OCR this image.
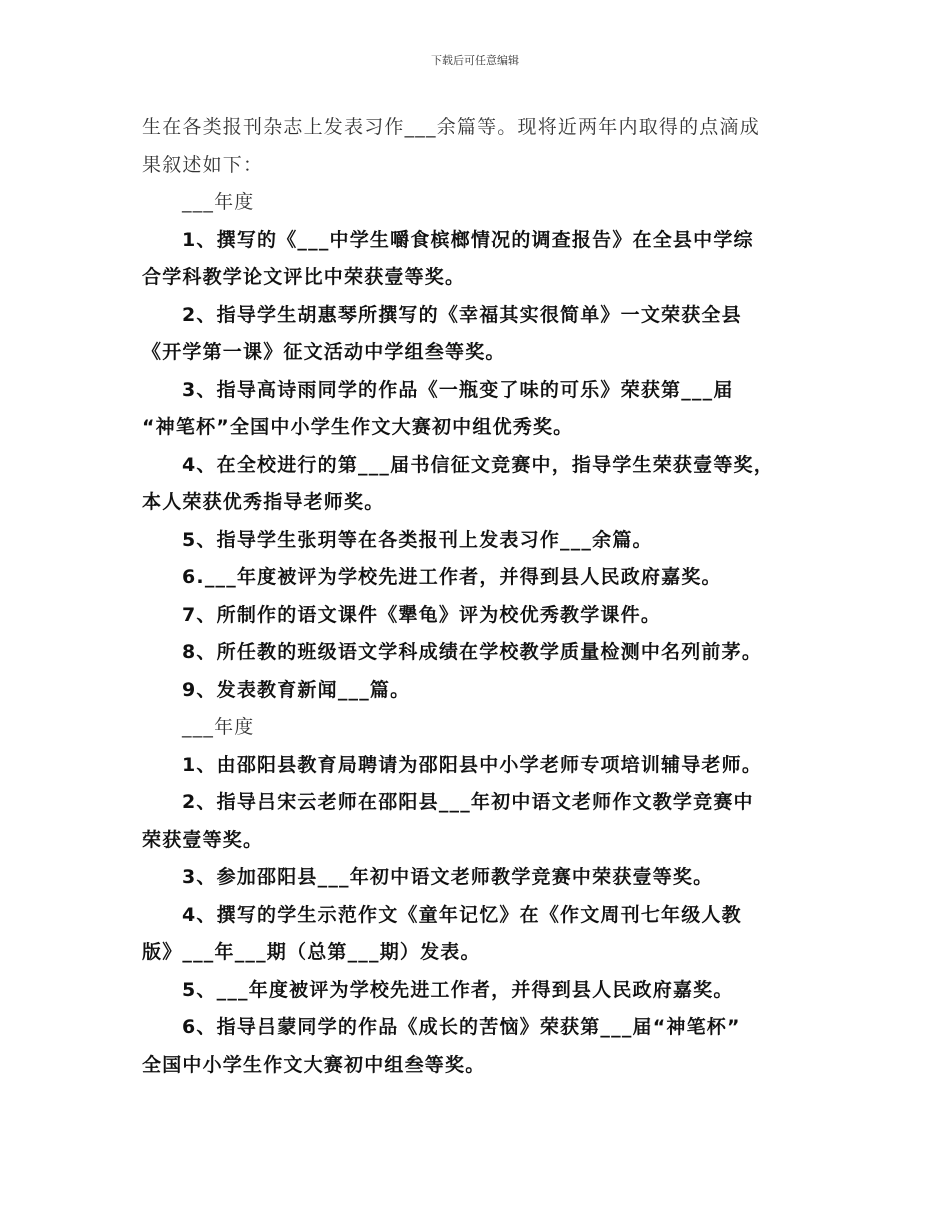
下载后可任意编辑
生在各类报刊杂志上发表习作___余篇等。现将近两年内取得的点滴成
果叙述如下：
___年度
1、撰写的《___中学生嚼食槟榔情况的调查报告》在全县中学综
合学科教学论文评比中荣获壹等奖。
2、指导学生胡惠琴所撰写的《幸福其实很简单》一文荣获全县
《开学第一课》征文活动中学组叁等奖。
3、指导高诗雨同学的作品《一瓶变了味的可乐》荣获第___届
“神笔杯”全国中小学生作文大赛初中组优秀奖。
4、在全校进行的第___届书信征文竞赛中，指导学生荣获壹等奖，
本人荣获优秀指导老师奖。
5、指导学生张玥等在各类报刊上发表习作___余篇。
6.___年度被评为学校先进工作者，并得到县人民政府嘉奖。
7、所制作的语文课件《犟龟》评为校优秀教学课件。
8、所任教的班级语文学科成绩在学校教学质量检测中名列前茅。
9、发表教育新闻___篇。
___年度
1、由邵阳县教育局聘请为邵阳县中小学老师专项培训辅导老师。
2、指导吕宋云老师在邵阳县___年初中语文老师作文教学竞赛中
荣获壹等奖。
3、参加邵阳县___年初中语文老师教学竞赛中荣获壹等奖。
4、撰写的学生示范作文《童年记忆》在《作文周刊七年级人教
版》___年___期（总第___期）发表。
5、___年度被评为学校先进工作者，并得到县人民政府嘉奖。
6、指导吕蒙同学的作品《成长的苦恼》荣获第___届“神笔杯”
全国中小学生作文大赛初中组叁等奖。
